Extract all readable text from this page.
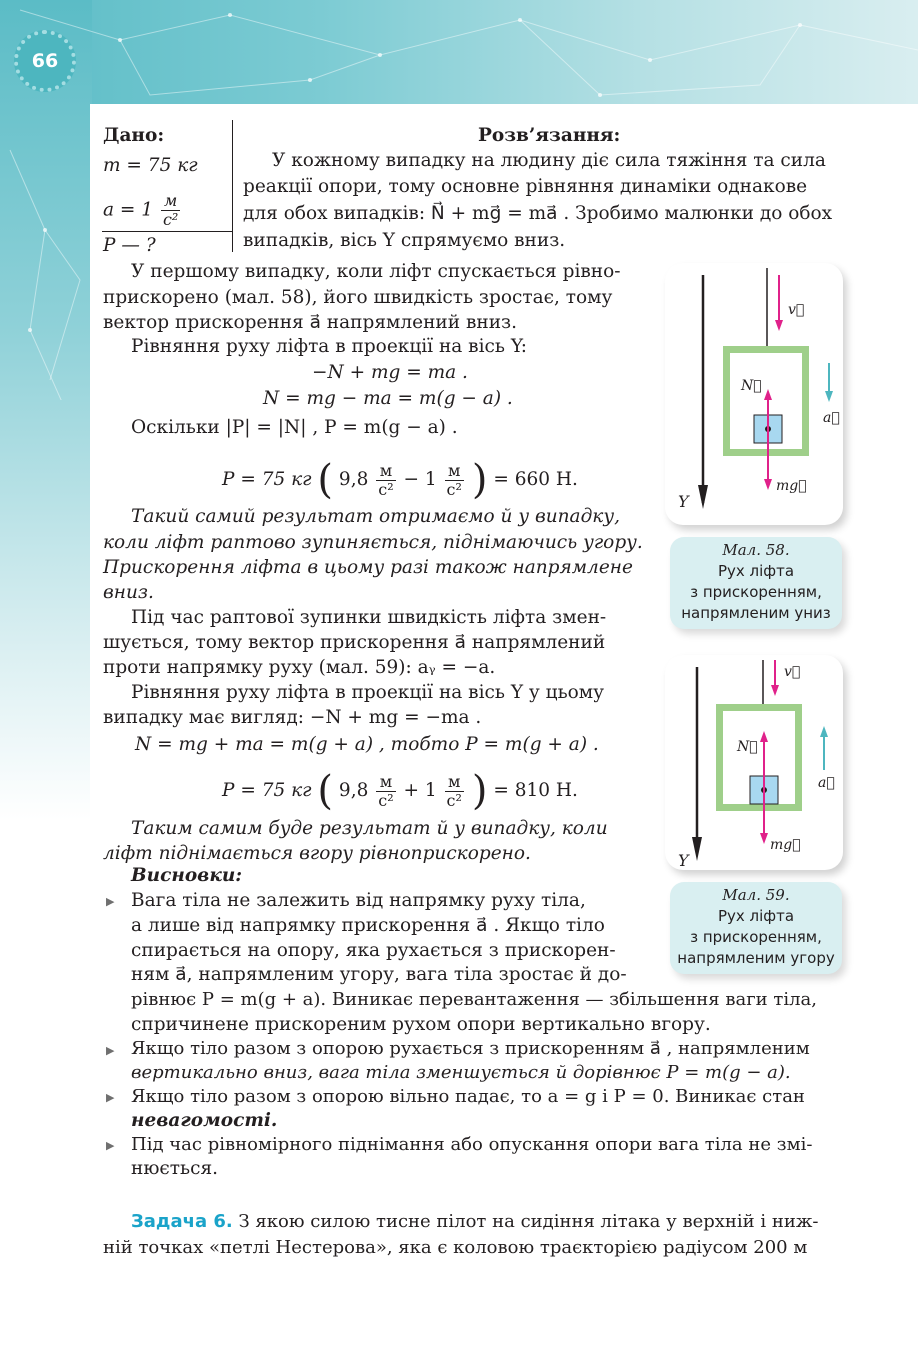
66
Дано:
m = 75 кг
$a = 1 \frac{м}{\text{с²}}$
P — ?
Розв’язання:
У кожному випадку на людину діє сила тяжіння та сила
реакції опори, тому основне рівняння динаміки однакове
для обох випадків: N⃗ + mg⃗ = ma⃗ . Зробимо малюнки до обох
випадків, вісь Y спрямуємо вниз.
У першому випадку, коли ліфт спускається рівно-
прискорено (мал. 58), його швидкість зростає, тому
вектор прискорення a⃗ напрямлений вниз.
Рівняння руху ліфта в проекції на вісь Y:
−N + mg = ma .
N = mg − ma = m(g − a) .
Оскільки |P| = |N| , P = m(g − a) .
P = 75 кг ( $9,8 \frac{м}{\text{с²}} - 1 \frac{м}{\text{с²}}$ ) = 660 Н.
Такий самий результат отримаємо й у випадку,
коли ліфт раптово зупиняється, піднімаючись угору.
Прискорення ліфта в цьому разі також напрямлене
вниз.
Під час раптової зупинки швидкість ліфта змен-
шується, тому вектор прискорення a⃗ напрямлений
проти напрямку руху (мал. 59): aᵧ = −a.
Рівняння руху ліфта в проекції на вісь Y у цьому
випадку має вигляд: −N + mg = −ma .
N = mg + ma = m(g + a) , тобто P = m(g + a) .
P = 75 кг ( $9,8 \frac{м}{\text{с²}} + 1 \frac{м}{\text{с²}}$ ) = 810 Н.
Таким самим буде результат й у випадку, коли
ліфт піднімається вгору рівноприскорено.
Висновки:
▶ Вага тіла не залежить від напрямку руху тіла,
а лише від напрямку прискорення a⃗ . Якщо тіло
спирається на опору, яка рухається з прискорен-
ням a⃗, напрямленим угору, вага тіла зростає й до-
рівнює P = m(g + a). Виникає перевантаження — збільшення ваги тіла,
спричинене прискореним рухом опори вертикально вгору.
▶ Якщо тіло разом з опорою рухається з прискоренням a⃗ , напрямленим
вертикально вниз, вага тіла зменшується й дорівнює P = m(g − a).
▶ Якщо тіло разом з опорою вільно падає, то a = g і P = 0. Виникає стан
невагомості.
▶ Під час рівномірного піднімання або опускання опори вага тіла не змі-
нюється.
Задача 6. З якою силою тисне пілот на сидіння літака у верхній і ниж-
ній точках «петлі Нестерова», яка є коловою траєкторією радіусом 200 м
v⃗
N⃗
a⃗
mg⃗
Y
Мал. 58.
Рух ліфта
з прискоренням,
напрямленим униз
v⃗
N⃗
a⃗
mg⃗
Y
Мал. 59.
Рух ліфта
з прискоренням,
напрямленим угору
